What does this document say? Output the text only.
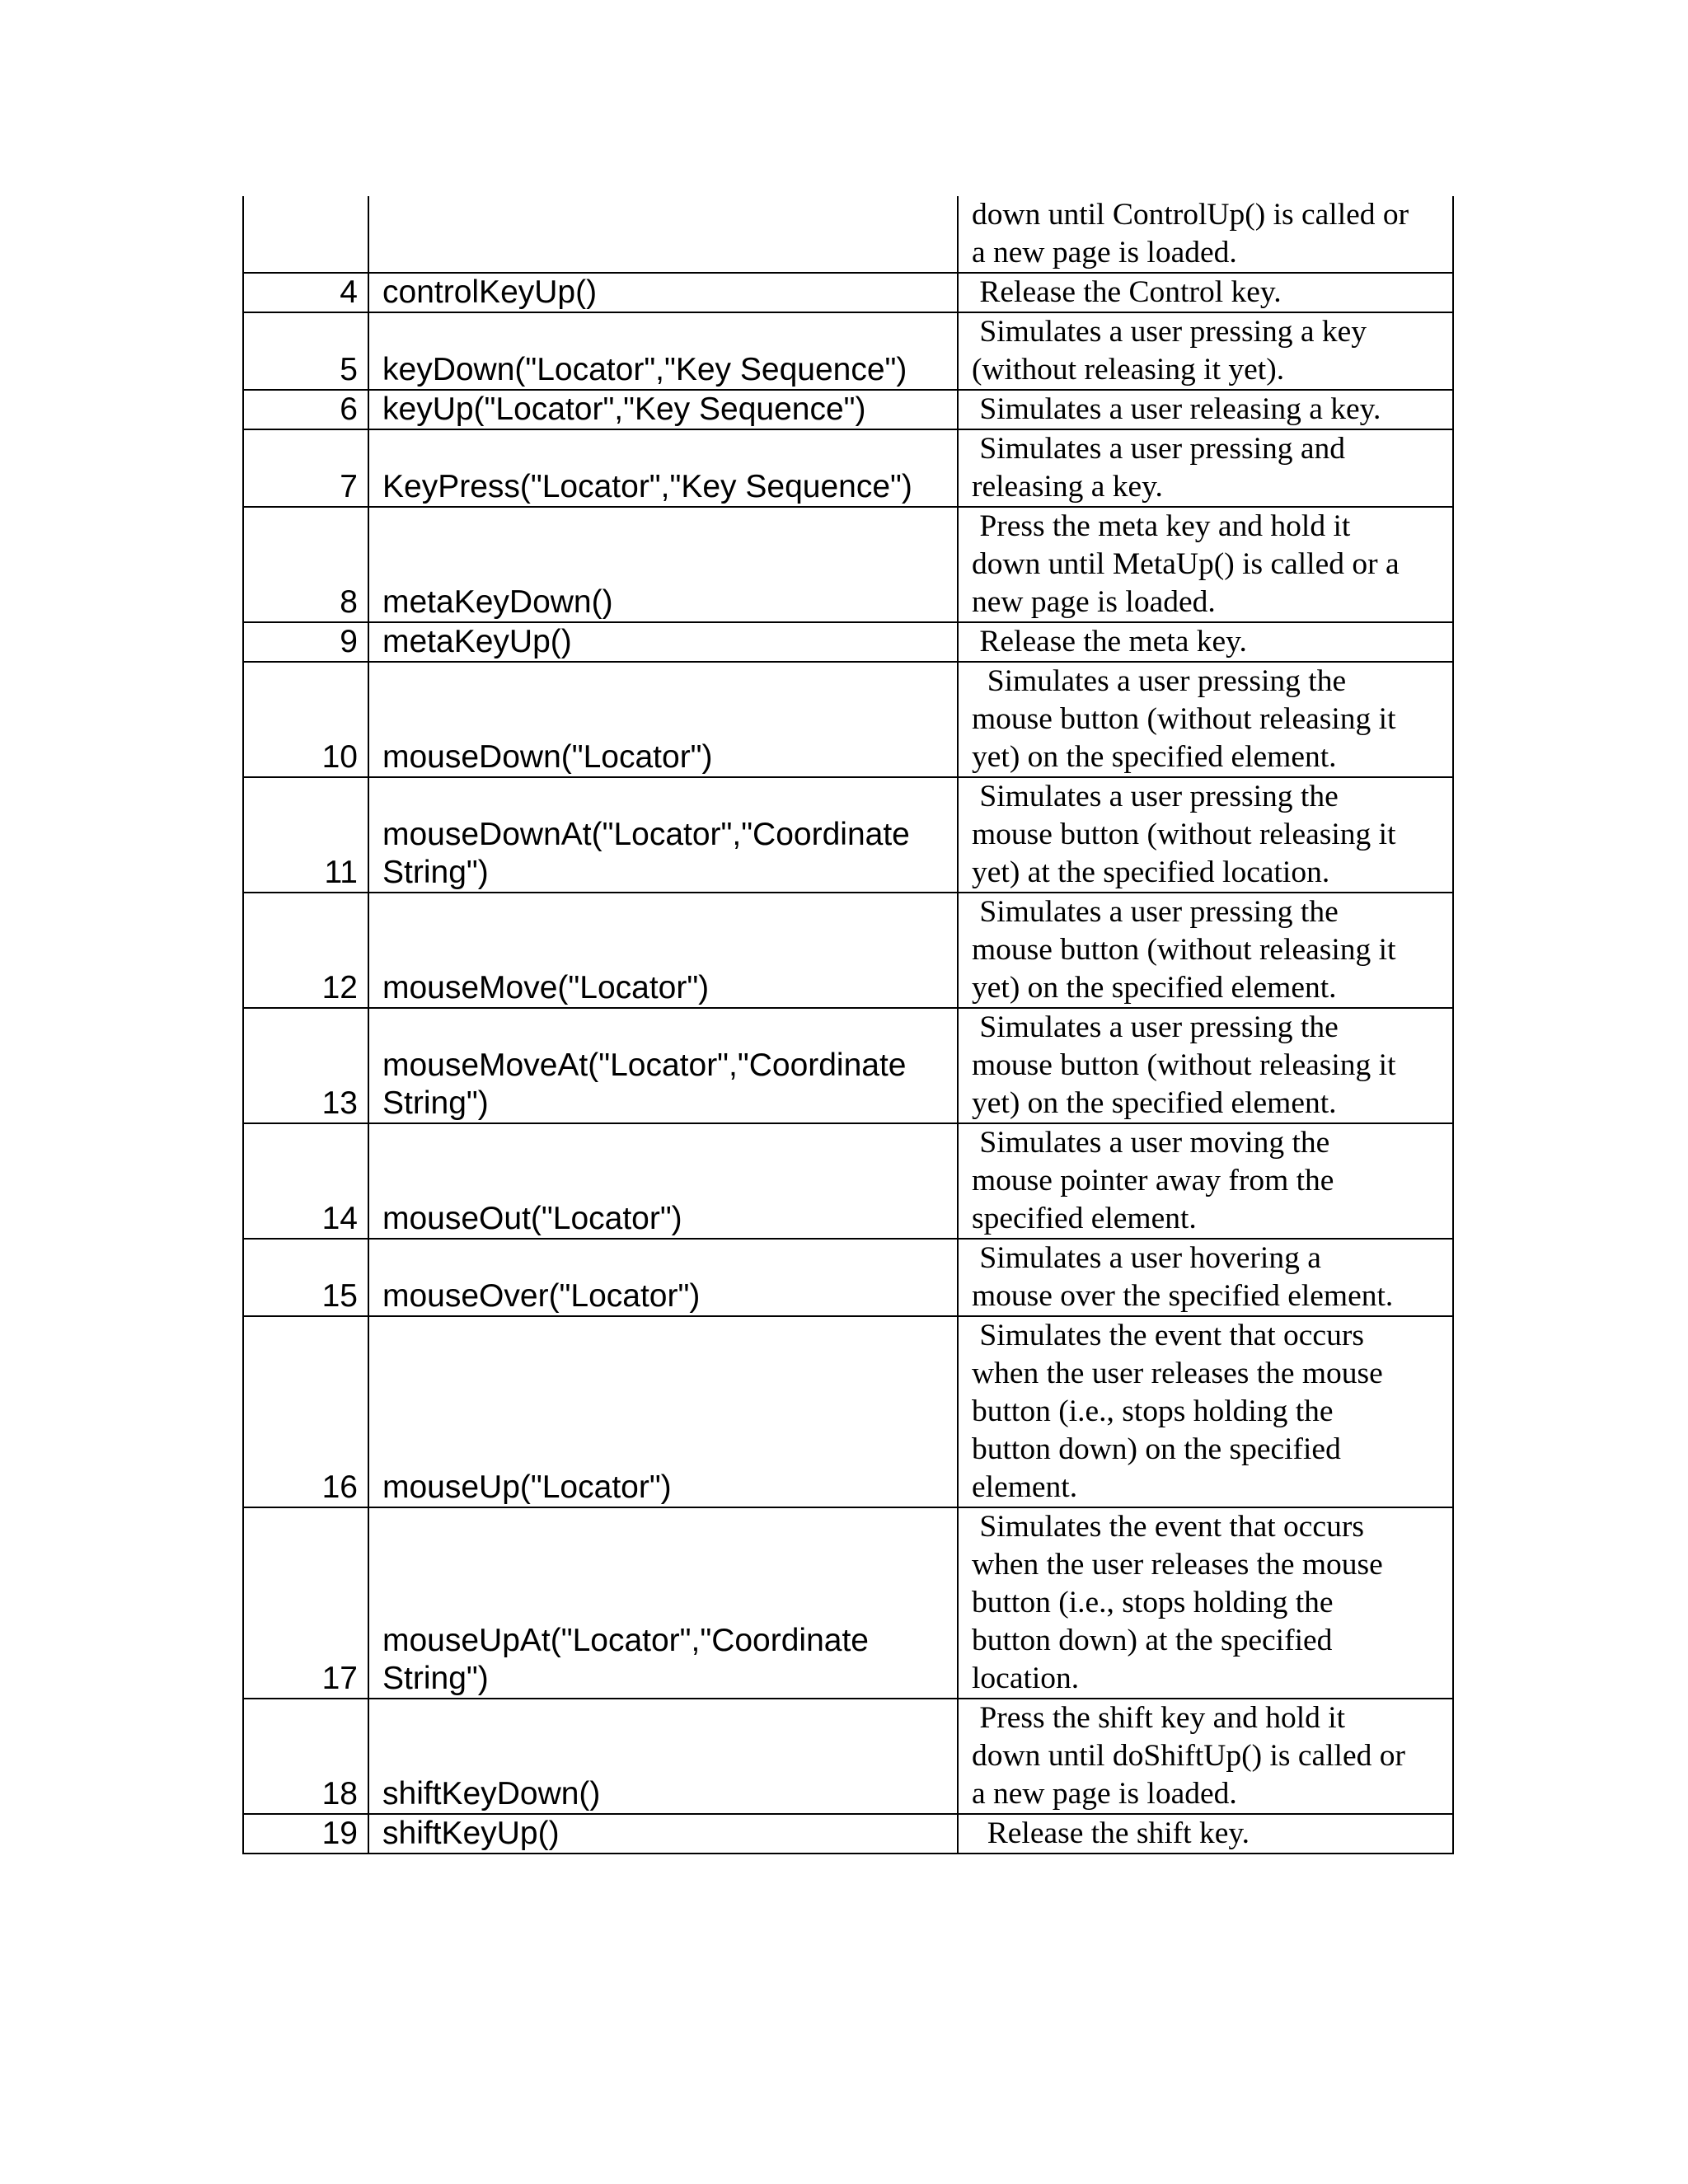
		down until ControlUp() is called or
a new page is loaded.
4	controlKeyUp()	Release the Control key.
5	keyDown("Locator","Key Sequence")	Simulates a user pressing a key
(without releasing it yet).
6	keyUp("Locator","Key Sequence")	Simulates a user releasing a key.
7	KeyPress("Locator","Key Sequence")	Simulates a user pressing and
releasing a key.
8	metaKeyDown()	Press the meta key and hold it
down until MetaUp() is called or a
new page is loaded.
9	metaKeyUp()	Release the meta key.
10	mouseDown("Locator")	Simulates a user pressing the
mouse button (without releasing it
yet) on the specified element.
11	mouseDownAt("Locator","Coordinate
String")	Simulates a user pressing the
mouse button (without releasing it
yet) at the specified location.
12	mouseMove("Locator")	Simulates a user pressing the
mouse button (without releasing it
yet) on the specified element.
13	mouseMoveAt("Locator","Coordinate
String")	Simulates a user pressing the
mouse button (without releasing it
yet) on the specified element.
14	mouseOut("Locator")	Simulates a user moving the
mouse pointer away from the
specified element.
15	mouseOver("Locator")	Simulates a user hovering a
mouse over the specified element.
16	mouseUp("Locator")	Simulates the event that occurs
when the user releases the mouse
button (i.e., stops holding the
button down) on the specified
element.
17	mouseUpAt("Locator","Coordinate
String")	Simulates the event that occurs
when the user releases the mouse
button (i.e., stops holding the
button down) at the specified
location.
18	shiftKeyDown()	Press the shift key and hold it
down until doShiftUp() is called or
a new page is loaded.
19	shiftKeyUp()	Release the shift key.
